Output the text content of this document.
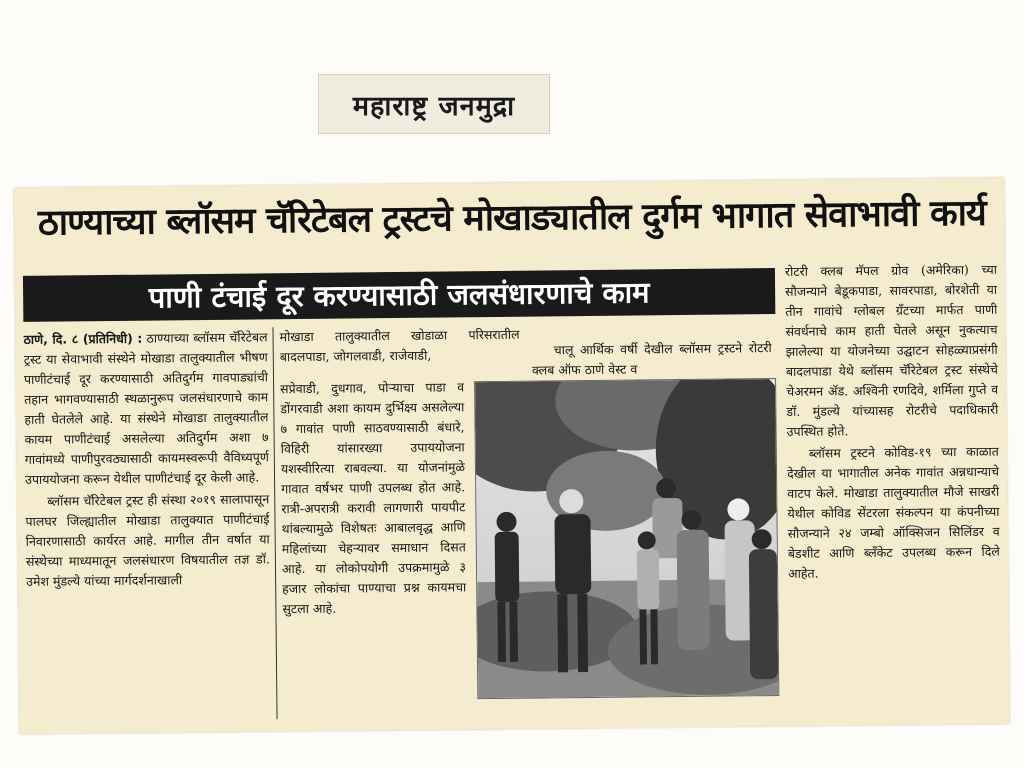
महाराष्ट्र जनमुद्रा
ठाण्याच्या ब्लॉसम चॅरिटेबल ट्रस्टचे मोखाड्यातील दुर्गम भागात सेवाभावी कार्य
पाणी टंचाई दूर करण्यासाठी जलसंधारणाचे काम

ठाणे, दि. ८ (प्रतिनिधी) : ठाण्याच्या ब्लॉसम चॅरिटेबल ट्रस्ट या सेवाभावी संस्थेने मोखाडा तालुक्यातील भीषण पाणीटंचाई दूर करण्यासाठी अतिदुर्गम गावपाड्यांची तहान भागवण्यासाठी स्थळानुरूप जलसंधारणाचे काम हाती घेतलेले आहे. या संस्थेने मोखाडा तालुक्यातील कायम पाणीटंचाई असलेल्या अतिदुर्गम अशा ७ गावांमध्ये पाणीपुरवठ्यासाठी कायमस्वरूपी वैविध्यपूर्ण उपाययोजना करून येथील पाणीटंचाई दूर केली आहे.

ब्लॉसम चॅरिटेबल ट्रस्ट ही संस्था २०१९ सालापासून पालघर जिल्ह्यातील मोखाडा तालुक्यात पाणीटंचाई निवारणासाठी कार्यरत आहे. मागील तीन वर्षात या संस्थेच्या माध्यमातून जलसंधारण विषयातील तज्ञ डॉ. उमेश मुंडल्ये यांच्या मार्गदर्शनाखाली

मोखाडा तालुक्यातील खोडाळा परिसरातील बादलपाडा, जोगलवाडी, राजेवाडी,	चालू आर्थिक वर्षी देखील ब्लॉसम ट्रस्टने रोटरी क्लब ऑफ ठाणे वेस्ट व

सप्रेवाडी, दुधगाव, पोऱ्याचा पाडा व डोंगरवाडी अशा कायम दुर्भिक्ष्य असलेल्या ७ गावांत पाणी साठवण्यासाठी बंधारे, विहिरी यांसारख्या उपाययोजना यशस्वीरित्या राबवल्या. या योजनांमुळे गावात वर्षभर पाणी उपलब्ध होत आहे. रात्री-अपरात्री करावी लागणारी पायपीट थांबल्यामुळे विशेषतः आबालवृद्ध आणि महिलांच्या चेहऱ्यावर समाधान दिसत आहे. या लोकोपयोगी उपक्रमामुळे ३ हजार लोकांचा पाण्याचा प्रश्न कायमचा सुटला आहे.

रोटरी क्लब मॅपल ग्रोव (अमेरिका) च्या सौजन्याने बेडूकपाडा, सावरपाडा, बोरशेती या तीन गावांचे ग्लोबल ग्रँटच्या मार्फत पाणी संवर्धनाचे काम हाती घेतले असून नुकत्याच झालेल्या या योजनेच्या उद्घाटन सोहळ्याप्रसंगी बादलपाडा येथे ब्लॉसम चॅरिटेबल ट्रस्ट संस्थेचे चेअरमन ॲड. अश्विनी रणदिवे, शर्मिला गुप्ते व डॉ. मुंडल्ये यांच्यासह रोटरीचे पदाधिकारी उपस्थित होते.

ब्लॉसम ट्रस्टने कोविड-१९ च्या काळात देखील या भागातील अनेक गावांत अन्नधान्याचे वाटप केले. मोखाडा तालुक्यातील मौजे साखरी येथील कोविड सेंटरला संकल्पन या कंपनीच्या सौजन्याने २४ जम्बो ऑक्सिजन सिलिंडर व बेडशीट आणि ब्लॅंकेट उपलब्ध करून दिले आहेत.
